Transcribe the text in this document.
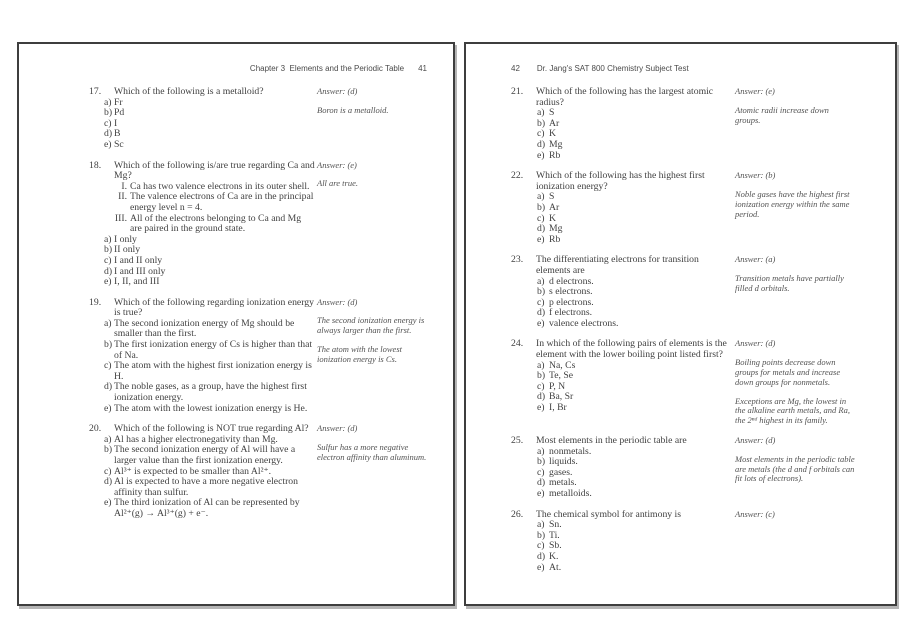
Chapter 3  Elements and the Periodic Table 41
17.	Which of the following is a metalloid?
a) Fr
b) Pd
c) I
d) B
e) Sc
Answer: (d)

Boron is a metalloid.

18.	Which of the following is/are true regarding Ca and Mg?
I. Ca has two valence electrons in its outer shell.
II. The valence electrons of Ca are in the principal energy level n = 4.
III. All of the electrons belonging to Ca and Mg are paired in the ground state.
a) I only
b) II only
c) I and II only
d) I and III only
e) I, II, and III
Answer: (e)

All are true.

19.	Which of the following regarding ionization energy is true?
a) The second ionization energy of Mg should be smaller than the first.
b) The first ionization energy of Cs is higher than that of Na.
c) The atom with the highest first ionization energy is H.
d) The noble gases, as a group, have the highest first ionization energy.
e) The atom with the lowest ionization energy is He.
Answer: (d)

The second ionization energy is always larger than the first.

The atom with the lowest ionization energy is Cs.

20.	Which of the following is NOT true regarding Al?
a) Al has a higher electronegativity than Mg.
b) The second ionization energy of Al will have a larger value than the first ionization energy.
c) Al³⁺ is expected to be smaller than Al²⁺.
d) Al is expected to have a more negative electron affinity than sulfur.
e) The third ionization of Al can be represented by Al²⁺(g) → Al³⁺(g) + e⁻.
Answer: (d)

Sulfur has a more negative electron affinity than aluminum.

42 Dr. Jang's SAT 800 Chemistry Subject Test
21.	Which of the following has the largest atomic radius?
a) S
b) Ar
c) K
d) Mg
e) Rb
Answer: (e)

Atomic radii increase down groups.

22.	Which of the following has the highest first ionization energy?
a) S
b) Ar
c) K
d) Mg
e) Rb
Answer: (b)

Noble gases have the highest first ionization energy within the same period.

23.	The differentiating electrons for transition elements are
a) d electrons.
b) s electrons.
c) p electrons.
d) f electrons.
e) valence electrons.
Answer: (a)

Transition metals have partially filled d orbitals.

24.	In which of the following pairs of elements is the element with the lower boiling point listed first?
a) Na, Cs
b) Te, Se
c) P, N
d) Ba, Sr
e) I, Br
Answer: (d)

Boiling points decrease down groups for metals and increase down groups for nonmetals.

Exceptions are Mg, the lowest in the alkaline earth metals, and Ra, the 2ⁿᵈ highest in its family.

25.	Most elements in the periodic table are
a) nonmetals.
b) liquids.
c) gases.
d) metals.
e) metalloids.
Answer: (d)

Most elements in the periodic table are metals (the d and f orbitals can fit lots of electrons).

26.	The chemical symbol for antimony is
a) Sn.
b) Ti.
c) Sb.
d) K.
e) At.
Answer: (c)
